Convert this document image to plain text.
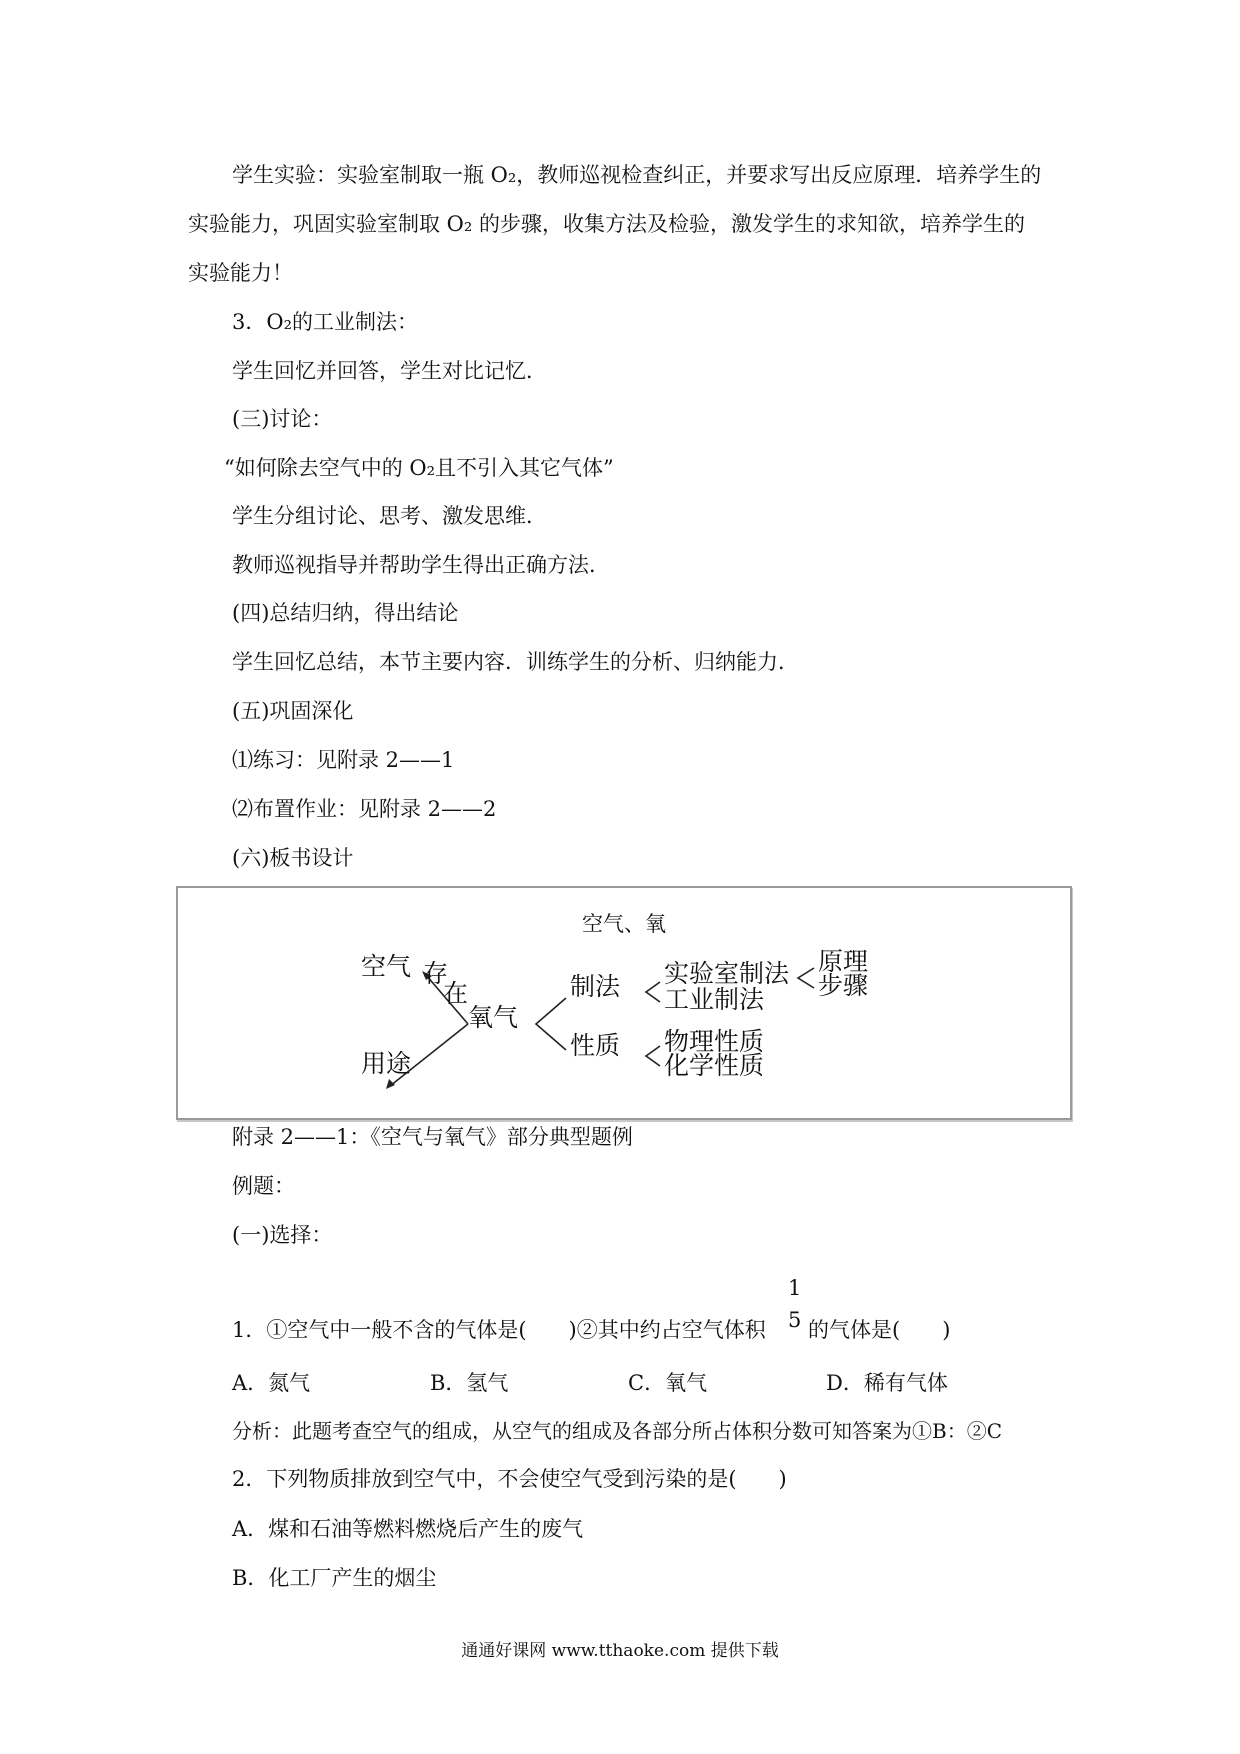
学生实验：实验室制取一瓶 O₂，教师巡视检查纠正，并要求写出反应原理．培养学生的
实验能力，巩固实验室制取 O₂ 的步骤，收集方法及检验，激发学生的求知欲，培养学生的
实验能力！
3．O₂的工业制法：
学生回忆并回答，学生对比记忆．
(三)讨论：
“如何除去空气中的 O₂且不引入其它气体”
学生分组讨论、思考、激发思维．
教师巡视指导并帮助学生得出正确方法．
(四)总结归纳，得出结论
学生回忆总结，本节主要内容．训练学生的分析、归纳能力．
(五)巩固深化
⑴练习：见附录 2——1
⑵布置作业：见附录 2——2
(六)板书设计
空气、氧
空气 存
在
用途
氧气
制法
性质
实验室制法
工业制法
原理
步骤
物理性质
化学性质
附录 2——1：《空气与氧气》部分典型题例
例题：
(一)选择：
1．①空气中一般不含的气体是(　　)②其中约占空气体积
1
5 的气体是(　　)
A．氮气	B．氢气	C．氧气	D．稀有气体
分析：此题考查空气的组成，从空气的组成及各部分所占体积分数可知答案为①B：②C
2．下列物质排放到空气中，不会使空气受到污染的是(　　)
A．煤和石油等燃料燃烧后产生的废气
B．化工厂产生的烟尘
通通好课网 www.tthaoke.com 提供下载
